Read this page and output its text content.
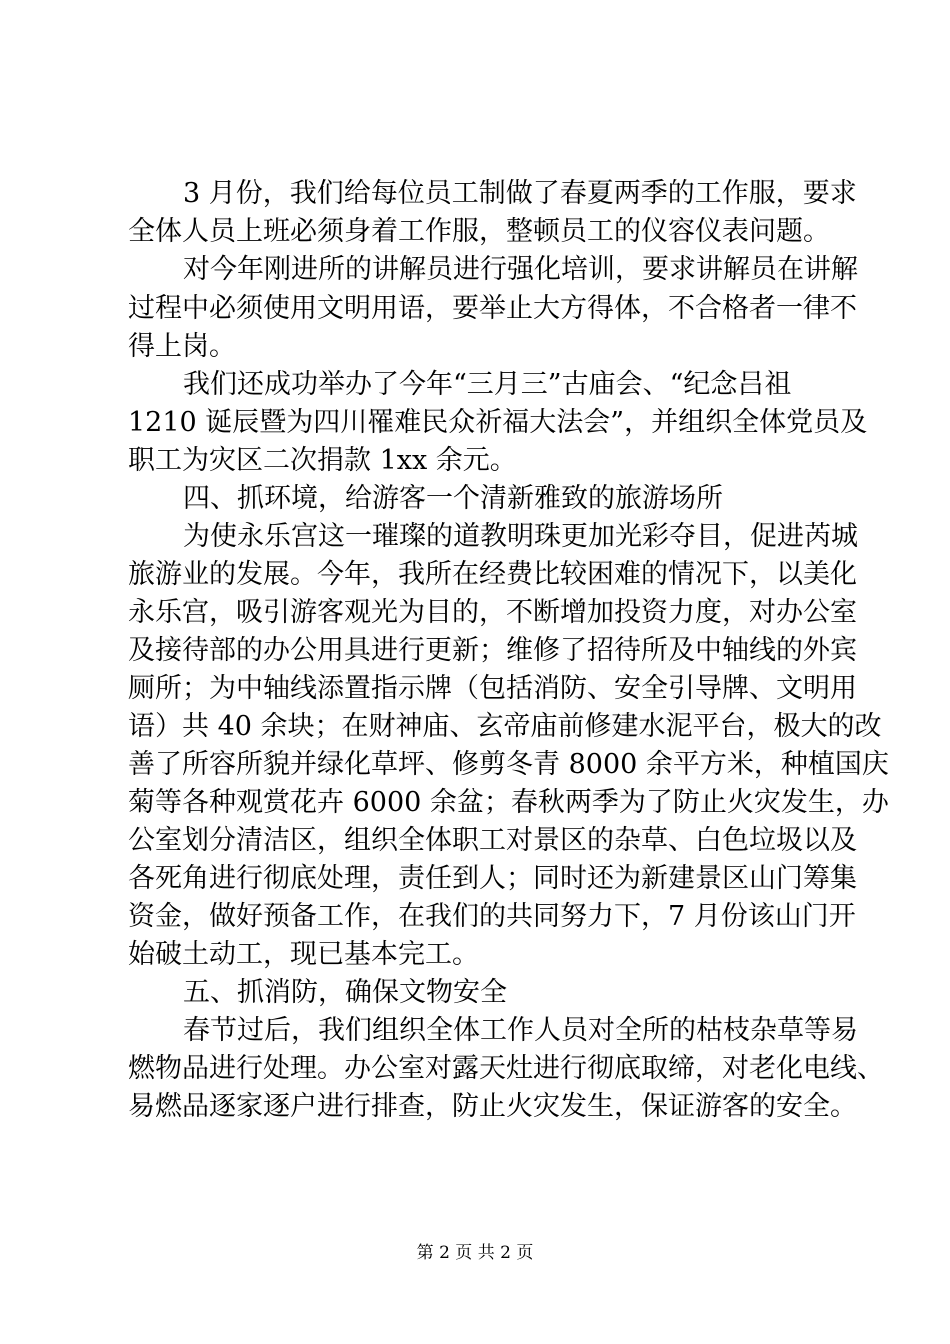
3 月份，我们给每位员工制做了春夏两季的工作服，要求
全体人员上班必须身着工作服，整顿员工的仪容仪表问题。
对今年刚进所的讲解员进行强化培训，要求讲解员在讲解
过程中必须使用文明用语，要举止大方得体，不合格者一律不
得上岗。
我们还成功举办了今年“三月三”古庙会、“纪念吕祖
1210 诞辰暨为四川罹难民众祈福大法会”，并组织全体党员及
职工为灾区二次捐款 1xx 余元。
四、抓环境，给游客一个清新雅致的旅游场所
为使永乐宫这一璀璨的道教明珠更加光彩夺目，促进芮城
旅游业的发展。今年，我所在经费比较困难的情况下，以美化
永乐宫，吸引游客观光为目的，不断增加投资力度，对办公室
及接待部的办公用具进行更新；维修了招待所及中轴线的外宾
厕所；为中轴线添置指示牌（包括消防、安全引导牌、文明用
语）共 40 余块；在财神庙、玄帝庙前修建水泥平台，极大的改
善了所容所貌并绿化草坪、修剪冬青 8000 余平方米，种植国庆
菊等各种观赏花卉 6000 余盆；春秋两季为了防止火灾发生，办
公室划分清洁区，组织全体职工对景区的杂草、白色垃圾以及
各死角进行彻底处理，责任到人；同时还为新建景区山门筹集
资金，做好预备工作，在我们的共同努力下，7 月份该山门开
始破土动工，现已基本完工。
五、抓消防，确保文物安全
春节过后，我们组织全体工作人员对全所的枯枝杂草等易
燃物品进行处理。办公室对露天灶进行彻底取缔，对老化电线、
易燃品逐家逐户进行排查，防止火灾发生，保证游客的安全。
第 2 页 共 2 页
